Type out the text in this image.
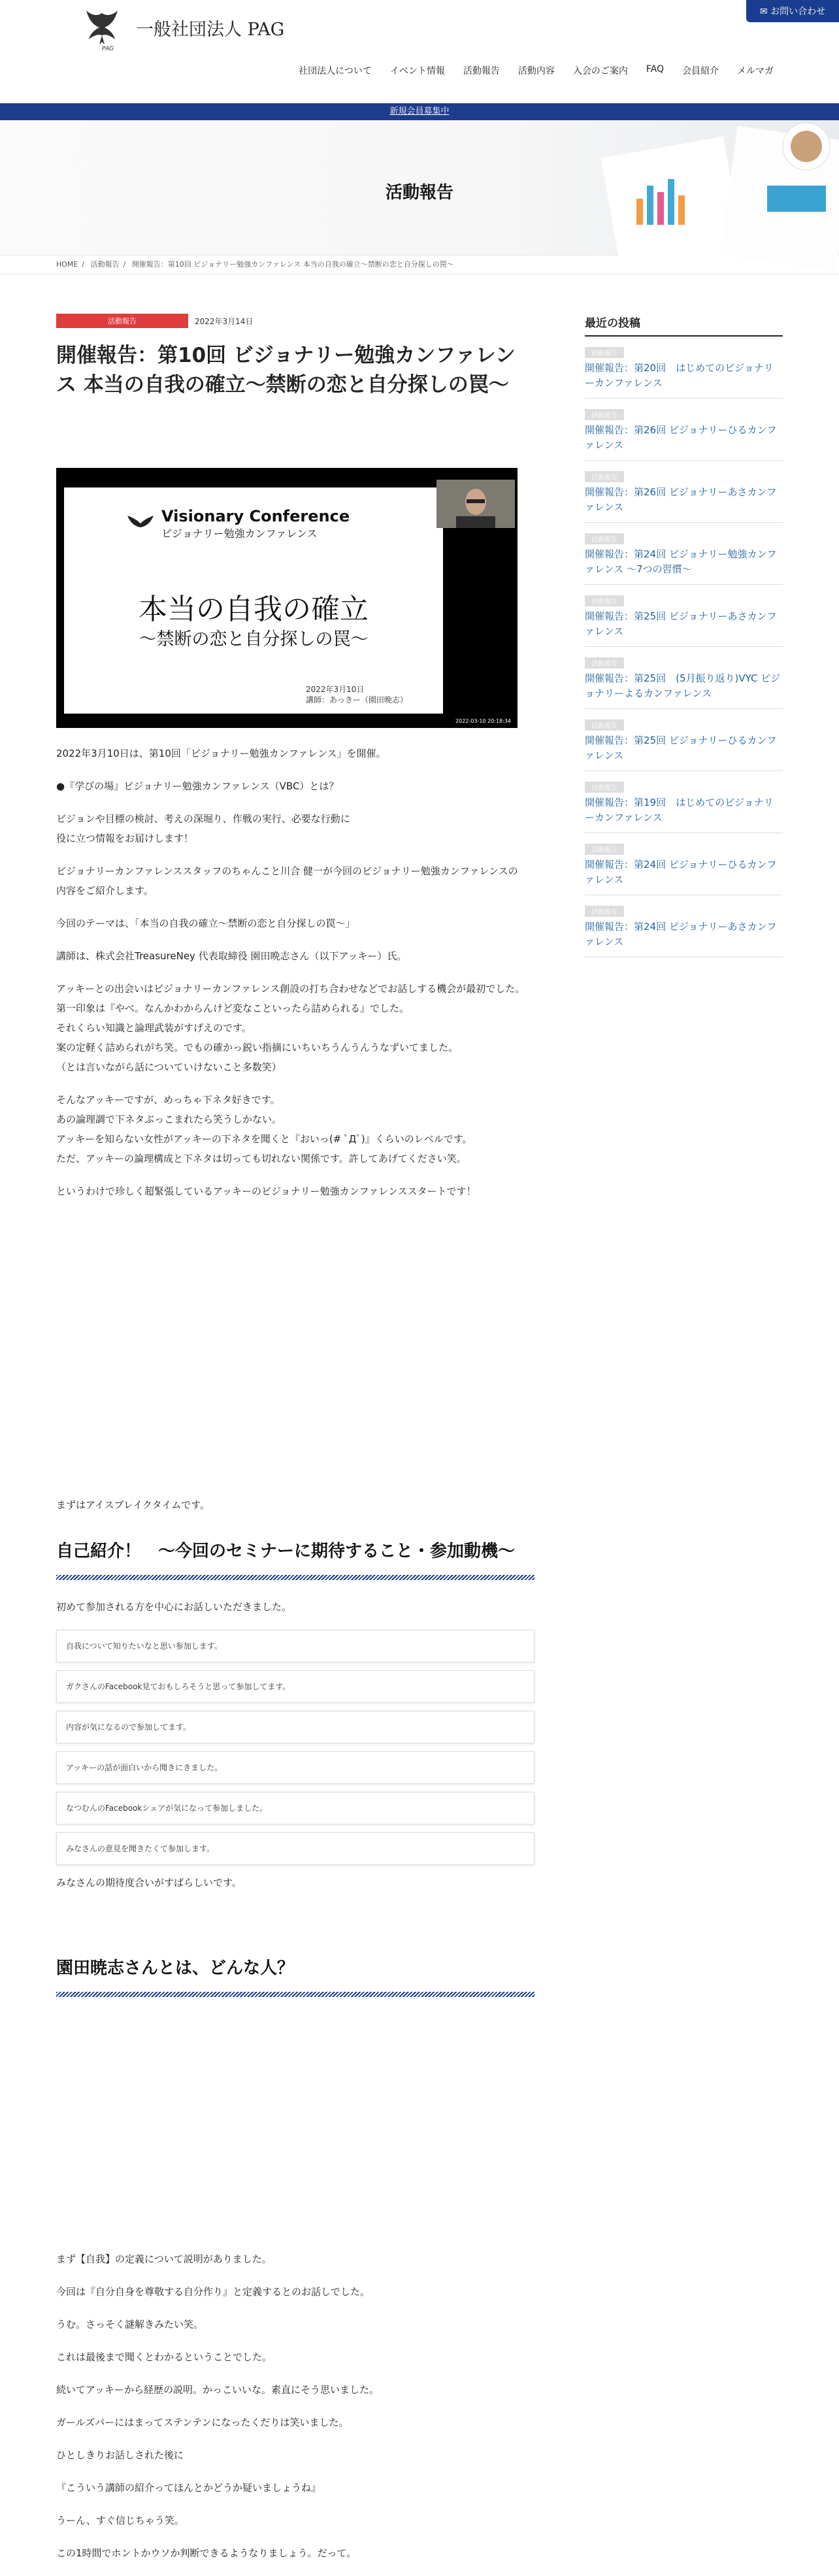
PAG
一般社団法人 PAG
✉ お問い合わせ
社団法人について イベント情報 活動報告 活動内容 入会のご案内 FAQ 会員紹介 メルマガ
新規会員募集中
活動報告
HOME / 活動報告 / 開催報告：第10回 ビジョナリー勉強カンファレンス 本当の自我の確立〜禁断の恋と自分探しの罠〜
活動報告	2022年3月14日
開催報告：第10回 ビジョナリー勉強カンファレンス 本当の自我の確立〜禁断の恋と自分探しの罠〜
Visionary Conference
ビジョナリー勉強カンファレンス
本当の自我の確立
〜禁断の恋と自分探しの罠〜
2022年3月10日
講師：あっきー（園田晩志）
2022-03-10 20:18:34

2022年3月10日は、第10回「ビジョナリー勉強カンファレンス」を開催。

●『学びの場』ビジョナリー勉強カンファレンス（VBC）とは？

ビジョンや目標の検討、考えの深堀り、作戦の実行、必要な行動に
役に立つ情報をお届けします！

ビジョナリーカンファレンススタッフのちゃんこと川合 健一が今回のビジョナリー勉強カンファレンスの内容をご紹介します。

今回のテーマは、「本当の自我の確立〜禁断の恋と自分探しの罠〜」

講師は、株式会社TreasureNey 代表取締役 園田晩志さん（以下アッキー）氏。

アッキーとの出会いはビジョナリーカンファレンス創設の打ち合わせなどでお話しする機会が最初でした。
第一印象は『やべ。なんかわからんけど変なこといったら詰められる』でした。
それくらい知識と論理武装がすげえのです。
案の定軽く詰められがち笑。でもの確かっ鋭い指摘にいちいちうんうんうなずいてました。
（とは言いながら話についていけないこと多数笑）

そんなアッキーですが、めっちゃ下ネタ好きです。
あの論理調で下ネタぶっこまれたら笑うしかない。
アッキーを知らない女性がアッキーの下ネタを聞くと『おいっ(# ﾟДﾟ)』くらいのレベルです。
ただ、アッキーの論理構成と下ネタは切っても切れない関係です。許してあげてください笑。

というわけで珍しく超緊張しているアッキーのビジョナリー勉強カンファレンススタートです！

まずはアイスブレイクタイムです。

自己紹介！　〜今回のセミナーに期待すること・参加動機〜

初めて参加される方を中心にお話しいただきました。

自我について知りたいなと思い参加します。
ガクさんのFacebook見ておもしろそうと思って参加してます。
内容が気になるので参加してます。
アッキーの話が面白いから聞きにきました。
なつむんのFacebookシェアが気になって参加しました。
みなさんの意見を聞きたくて参加します。

みなさんの期待度合いがすばらしいです。

園田暁志さんとは、どんな人？

まず【自我】の定義について説明がありました。

今回は『自分自身を尊敬する自分作り』と定義するとのお話しでした。

うむ。さっそく謎解きみたい笑。

これは最後まで聞くとわかるということでした。

続いてアッキーから経歴の説明。かっこいいな。素直にそう思いました。

ガールズバーにはまってステンテンになったくだりは笑いました。

ひとしきりお話しされた後に

『こういう講師の紹介ってほんとかどうか疑いましょうね』

うーん、すぐ信じちゃう笑。

この1時間でホントかウソか判断できるようなりましょう。だって。

最近の投稿
活動報告
開催報告：第20回　はじめてのビジョナリーカンファレンス
活動報告
開催報告：第26回 ビジョナリーひるカンファレンス
活動報告
開催報告：第26回 ビジョナリーあさカンファレンス
活動報告
開催報告：第24回 ビジョナリー勉強カンファレンス 〜7つの習慣〜
活動報告
開催報告：第25回 ビジョナリーあさカンファレンス
活動報告
開催報告：第25回　(5月振り返り)VYC ビジョナリーよるカンファレンス
活動報告
開催報告：第25回 ビジョナリーひるカンファレンス
活動報告
開催報告：第19回　はじめてのビジョナリーカンファレンス
活動報告
開催報告：第24回 ビジョナリーひるカンファレンス
活動報告
開催報告：第24回 ビジョナリーあさカンファレンス
